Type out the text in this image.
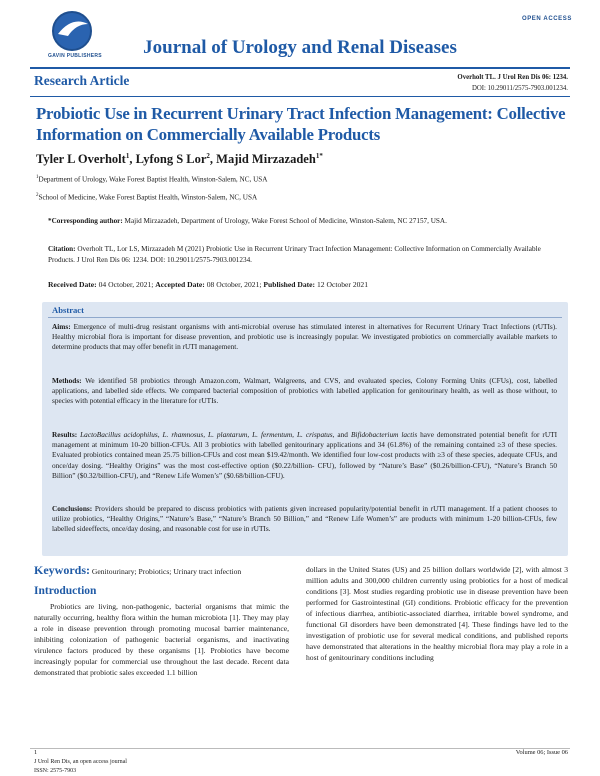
GAVIN PUBLISHERS
OPEN ACCESS
Journal of Urology and Renal Diseases
Research Article	Overholt TL. J Urol Ren Dis 06: 1234.
DOI: 10.29011/2575-7903.001234.
Probiotic Use in Recurrent Urinary Tract Infection Management: Collective Information on Commercially Available Products
Tyler L Overholt$^1$, Lyfong S Lor$^2$, Majid Mirzazadeh$^{1*}$
$^1$Department of Urology, Wake Forest Baptist Health, Winston-Salem, NC, USA
$^2$School of Medicine, Wake Forest Baptist Health, Winston-Salem, NC, USA
*Corresponding author: Majid Mirzazadeh, Department of Urology, Wake Forest School of Medicine, Winston-Salem, NC 27157, USA.
Citation: Overholt TL, Lor LS, Mirzazadeh M (2021) Probiotic Use in Recurrent Urinary Tract Infection Management: Collective Information on Commercially Available Products. J Urol Ren Dis 06: 1234. DOI: 10.29011/2575-7903.001234.
Received Date: 04 October, 2021; Accepted Date: 08 October, 2021; Published Date: 12 October 2021
Abstract
Aims: Emergence of multi-drug resistant organisms with anti-microbial overuse has stimulated interest in alternatives for Recurrent Urinary Tract Infections (rUTIs). Healthy microbial flora is important for disease prevention, and probiotic use is increasingly popular. We investigated probiotics on commercially available markets to determine products that may offer benefit in rUTI management.
Methods: We identified 58 probiotics through Amazon.com, Walmart, Walgreens, and CVS, and evaluated species, Colony Forming Units (CFUs), cost, labelled applications, and labelled side effects. We compared bacterial composition of probiotics with labelled application for genitourinary health, as well as those without, to species with potential efficacy in the literature for rUTIs.
Results: LactoBacillus acidophilus, L. rhamnosus, L. plantarum, L. fermentum, L. crispatus, and Bifidobacterium lactis have demonstrated potential benefit for rUTI management at minimum 10-20 billion-CFUs. All 3 probiotics with labelled genitourinary applications and 34 (61.8%) of the remaining contained ≥3 of these species. Evaluated probiotics contained mean 25.75 billion-CFUs and cost mean $19.42/month. We identified four low-cost products with ≥3 of these species, adequate CFUs, and once/day dosing. “Healthy Origins” was the most cost-effective option ($0.22/billion- CFU), followed by “Nature’s Base” ($0.26/billion-CFU), “Nature’s Branch 50 Billion” ($0.32/billion-CFU), and “Renew Life Women’s” ($0.68/billion-CFU).
Conclusions: Providers should be prepared to discuss probiotics with patients given increased popularity/potential benefit in rUTI management. If a patient chooses to utilize probiotics, “Healthy Origins,” “Nature’s Base,” “Nature’s Branch 50 Billion,” and “Renew Life Women’s” are products with minimum 1-20 billion-CFUs, few labelled sideeffects, once/day dosing, and reasonable cost for use in rUTIs.
Keywords: Genitourinary; Probiotics; Urinary tract infection
Introduction
Probiotics are living, non-pathogenic, bacterial organisms that mimic the naturally occurring, healthy flora within the human microbiota [1]. They may play a role in disease prevention through promoting mucosal barrier maintenance, inhibiting colonization of pathogenic bacterial organisms, and inactivating virulence factors produced by these organisms [1]. Probiotics have become increasingly popular for commercial use throughout the last decade. Recent data demonstrated that probiotic sales exceeded 1.1 billion
dollars in the United States (US) and 25 billion dollars worldwide [2], with almost 3 million adults and 300,000 children currently using probiotics for a host of medical conditions [3]. Most studies regarding probiotic use in disease prevention have been performed for Gastrointestinal (GI) conditions. Probiotic efficacy for the prevention of infectious diarrhea, antibiotic-associated diarrhea, irritable bowel syndrome, and functional GI disorders have been demonstrated [4]. These findings have led to the investigation of probiotic use for several medical conditions, and published reports have demonstrated that alterations in the healthy microbial flora may play a role in a host of genitourinary conditions including
1	Volume 06; Issue 06
J Urol Ren Dis, an open access journal
ISSN: 2575-7903
